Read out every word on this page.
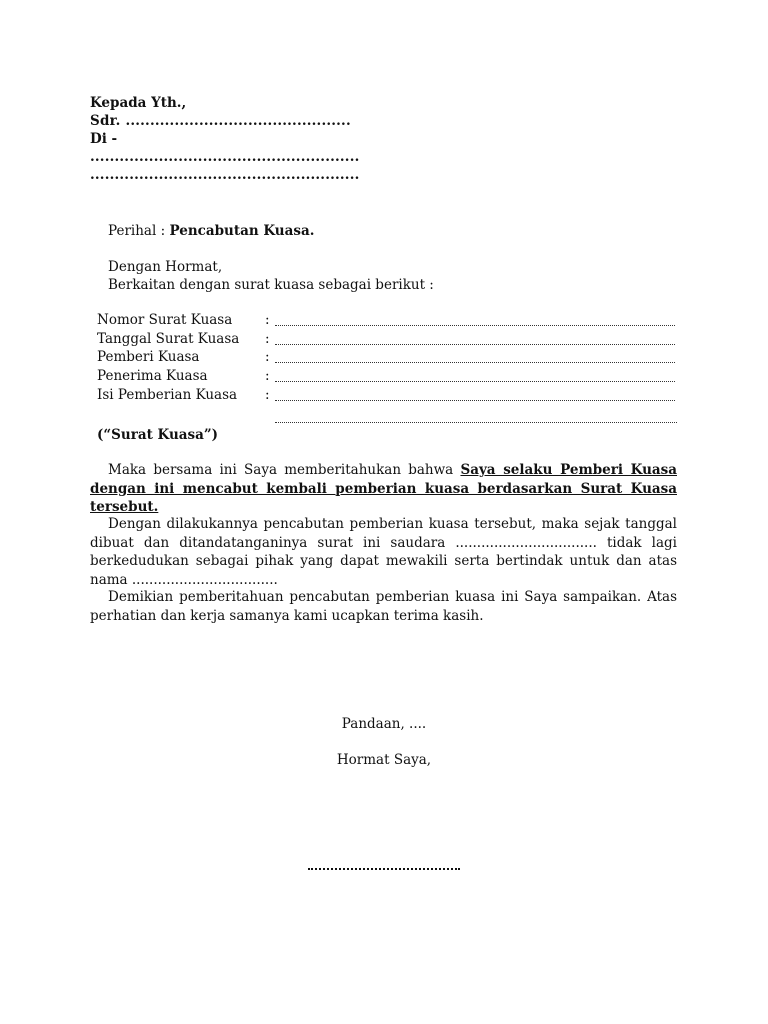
Kepada Yth.,
Sdr. ..............................................
Di -
.......................................................
.......................................................
Perihal : Pencabutan Kuasa.
Dengan Hormat,
Berkaitan dengan surat kuasa sebagai berikut :
Nomor Surat Kuasa :
Tanggal Surat Kuasa :
Pemberi Kuasa	:
Penerima Kuasa	:
Isi Pemberian Kuasa :
(“Surat Kuasa”)
Maka bersama ini Saya memberitahukan bahwa Saya selaku Pemberi Kuasa dengan ini mencabut kembali pemberian kuasa berdasarkan Surat Kuasa tersebut.
Dengan dilakukannya pencabutan pemberian kuasa tersebut, maka sejak tanggal dibuat dan ditandatanganinya surat ini saudara ................................. tidak lagi berkedudukan sebagai pihak yang dapat mewakili serta bertindak untuk dan atas nama ..................................
Demikian pemberitahuan pencabutan pemberian kuasa ini Saya sampaikan. Atas perhatian dan kerja samanya kami ucapkan terima kasih.
Pandaan, ....
Hormat Saya,
